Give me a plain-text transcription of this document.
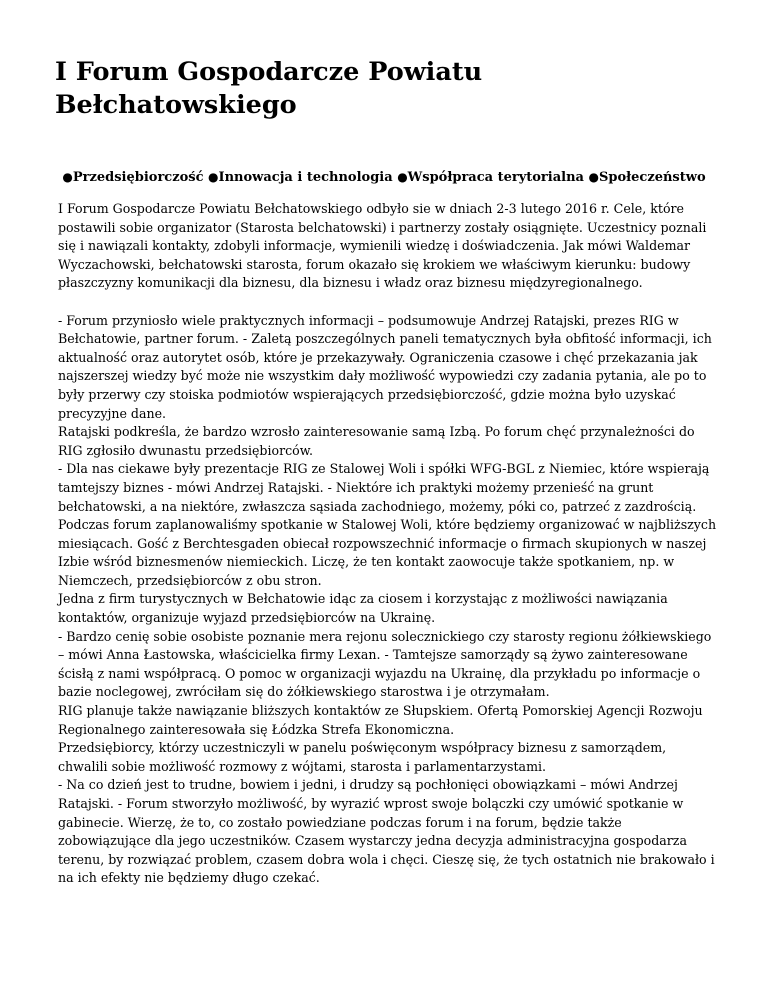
I Forum Gospodarcze Powiatu Bełchatowskiego
●Przedsiębiorczość ●Innowacja i technologia ●Współpraca terytorialna ●Społeczeństwo

I Forum Gospodarcze Powiatu Bełchatowskiego odbyło sie w dniach 2-3 lutego 2016 r. Cele, które postawili sobie organizator (Starosta belchatowski) i partnerzy zostały osiągnięte. Uczestnicy poznali się i nawiązali kontakty, zdobyli informacje, wymienili wiedzę i doświadczenia. Jak mówi Waldemar Wyczachowski, bełchatowski starosta, forum okazało się krokiem we właściwym kierunku: budowy płaszczyzny komunikacji dla biznesu, dla biznesu i władz oraz biznesu międzyregionalnego.

- Forum przyniosło wiele praktycznych informacji – podsumowuje Andrzej Ratajski, prezes RIG w Bełchatowie, partner forum. - Zaletą poszczególnych paneli tematycznych była obfitość informacji, ich aktualność oraz autorytet osób, które je przekazywały. Ograniczenia czasowe i chęć przekazania jak najszerszej wiedzy być może nie wszystkim dały możliwość wypowiedzi czy zadania pytania, ale po to były przerwy czy stoiska podmiotów wspierających przedsiębiorczość, gdzie można było uzyskać precyzyjne dane.

Ratajski podkreśla, że bardzo wzrosło zainteresowanie samą Izbą. Po forum chęć przynależności do RIG zgłosiło dwunastu przedsiębiorców.

- Dla nas ciekawe były prezentacje RIG ze Stalowej Woli i spółki WFG-BGL z Niemiec, które wspierają tamtejszy biznes - mówi Andrzej Ratajski. - Niektóre ich praktyki możemy przenieść na grunt bełchatowski, a na niektóre, zwłaszcza sąsiada zachodniego, możemy, póki co, patrzeć z zazdrością. Podczas forum zaplanowaliśmy spotkanie w Stalowej Woli, które będziemy organizować w najbliższych miesiącach. Gość z Berchtesgaden obiecał rozpowszechnić informacje o firmach skupionych w naszej Izbie wśród biznesmenów niemieckich. Liczę, że ten kontakt zaowocuje także spotkaniem, np. w Niemczech, przedsiębiorców z obu stron.

Jedna z firm turystycznych w Bełchatowie idąc za ciosem i korzystając z możliwości nawiązania kontaktów, organizuje wyjazd przedsiębiorców na Ukrainę.

- Bardzo cenię sobie osobiste poznanie mera rejonu solecznickiego czy starosty regionu żółkiewskiego – mówi Anna Łastowska, właścicielka firmy Lexan. - Tamtejsze samorządy są żywo zainteresowane ścisłą z nami współpracą. O pomoc w organizacji wyjazdu na Ukrainę, dla przykładu po informacje o bazie noclegowej, zwróciłam się do żółkiewskiego starostwa i je otrzymałam.

RIG planuje także nawiązanie bliższych kontaktów ze Słupskiem. Ofertą Pomorskiej Agencji Rozwoju Regionalnego zainteresowała się Łódzka Strefa Ekonomiczna.

Przedsiębiorcy, którzy uczestniczyli w panelu poświęconym współpracy biznesu z samorządem, chwalili sobie możliwość rozmowy z wójtami, starosta i parlamentarzystami.

- Na co dzień jest to trudne, bowiem i jedni, i drudzy są pochłonięci obowiązkami – mówi Andrzej Ratajski. - Forum stworzyło możliwość, by wyrazić wprost swoje bolączki czy umówić spotkanie w gabinecie. Wierzę, że to, co zostało powiedziane podczas forum i na forum, będzie także zobowiązujące dla jego uczestników. Czasem wystarczy jedna decyzja administracyjna gospodarza terenu, by rozwiązać problem, czasem dobra wola i chęci. Cieszę się, że tych ostatnich nie brakowało i na ich efekty nie będziemy długo czekać.
